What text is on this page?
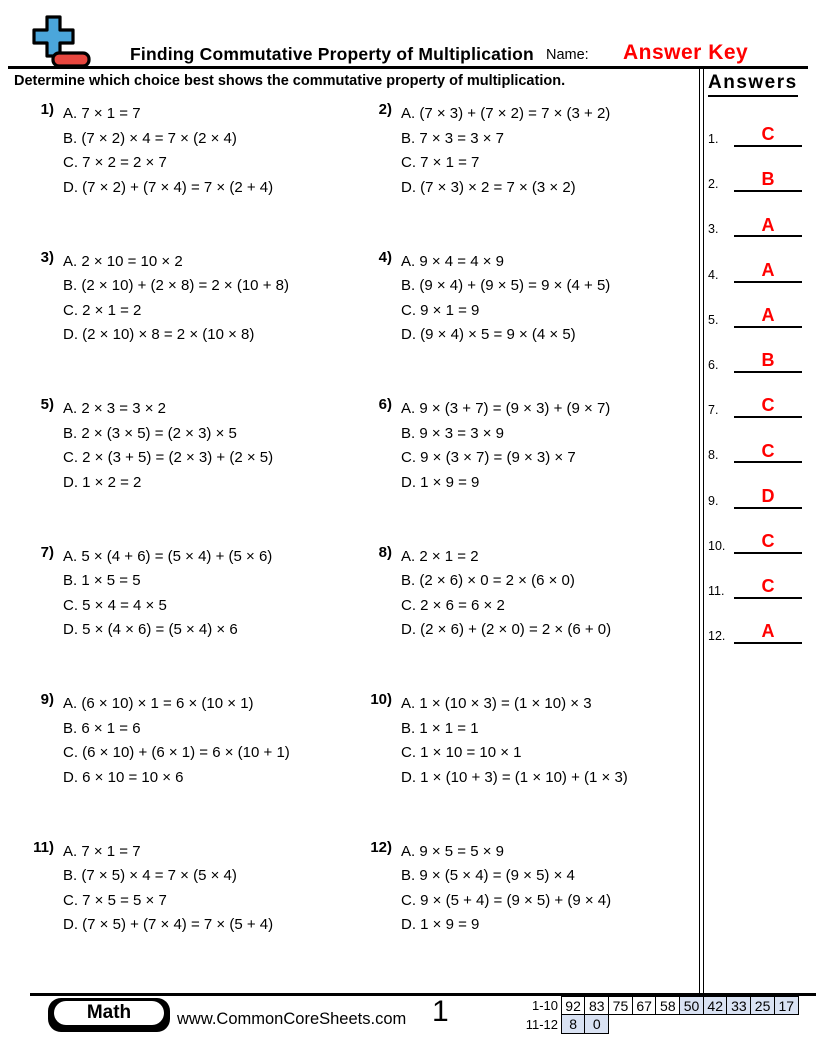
Finding Commutative Property of Multiplication Name: Answer Key
Determine which choice best shows the commutative property of multiplication.	Answers
1.	C
2.	B
3.	A
4.	A
5.	A
6.	B
7.	C
8.	C
9.	D
10.	C
11.	C
12.	A
1) A. 7 × 1 = 7
B. (7 × 2) × 4 = 7 × (2 × 4)
C. 7 × 2 = 2 × 7
D. (7 × 2) + (7 × 4) = 7 × (2 + 4)
2) A. (7 × 3) + (7 × 2) = 7 × (3 + 2)
B. 7 × 3 = 3 × 7
C. 7 × 1 = 7
D. (7 × 3) × 2 = 7 × (3 × 2)
3) A. 2 × 10 = 10 × 2
B. (2 × 10) + (2 × 8) = 2 × (10 + 8)
C. 2 × 1 = 2
D. (2 × 10) × 8 = 2 × (10 × 8)
4) A. 9 × 4 = 4 × 9
B. (9 × 4) + (9 × 5) = 9 × (4 + 5)
C. 9 × 1 = 9
D. (9 × 4) × 5 = 9 × (4 × 5)
5) A. 2 × 3 = 3 × 2
B. 2 × (3 × 5) = (2 × 3) × 5
C. 2 × (3 + 5) = (2 × 3) + (2 × 5)
D. 1 × 2 = 2
6) A. 9 × (3 + 7) = (9 × 3) + (9 × 7)
B. 9 × 3 = 3 × 9
C. 9 × (3 × 7) = (9 × 3) × 7
D. 1 × 9 = 9
7) A. 5 × (4 + 6) = (5 × 4) + (5 × 6)
B. 1 × 5 = 5
C. 5 × 4 = 4 × 5
D. 5 × (4 × 6) = (5 × 4) × 6
8) A. 2 × 1 = 2
B. (2 × 6) × 0 = 2 × (6 × 0)
C. 2 × 6 = 6 × 2
D. (2 × 6) + (2 × 0) = 2 × (6 + 0)
9) A. (6 × 10) × 1 = 6 × (10 × 1)
B. 6 × 1 = 6
C. (6 × 10) + (6 × 1) = 6 × (10 + 1)
D. 6 × 10 = 10 × 6
10) A. 1 × (10 × 3) = (1 × 10) × 3
B. 1 × 1 = 1
C. 1 × 10 = 10 × 1
D. 1 × (10 + 3) = (1 × 10) + (1 × 3)
11) A. 7 × 1 = 7
B. (7 × 5) × 4 = 7 × (5 × 4)
C. 7 × 5 = 5 × 7
D. (7 × 5) + (7 × 4) = 7 × (5 + 4)
12) A. 9 × 5 = 5 × 9
B. 9 × (5 × 4) = (9 × 5) × 4
C. 9 × (5 + 4) = (9 × 5) + (9 × 4)
D. 1 × 9 = 9
Math	www.CommonCoreSheets.com 1	1-10 92 83 75 67 58 50 42 33 25 17
11-12 8	0
